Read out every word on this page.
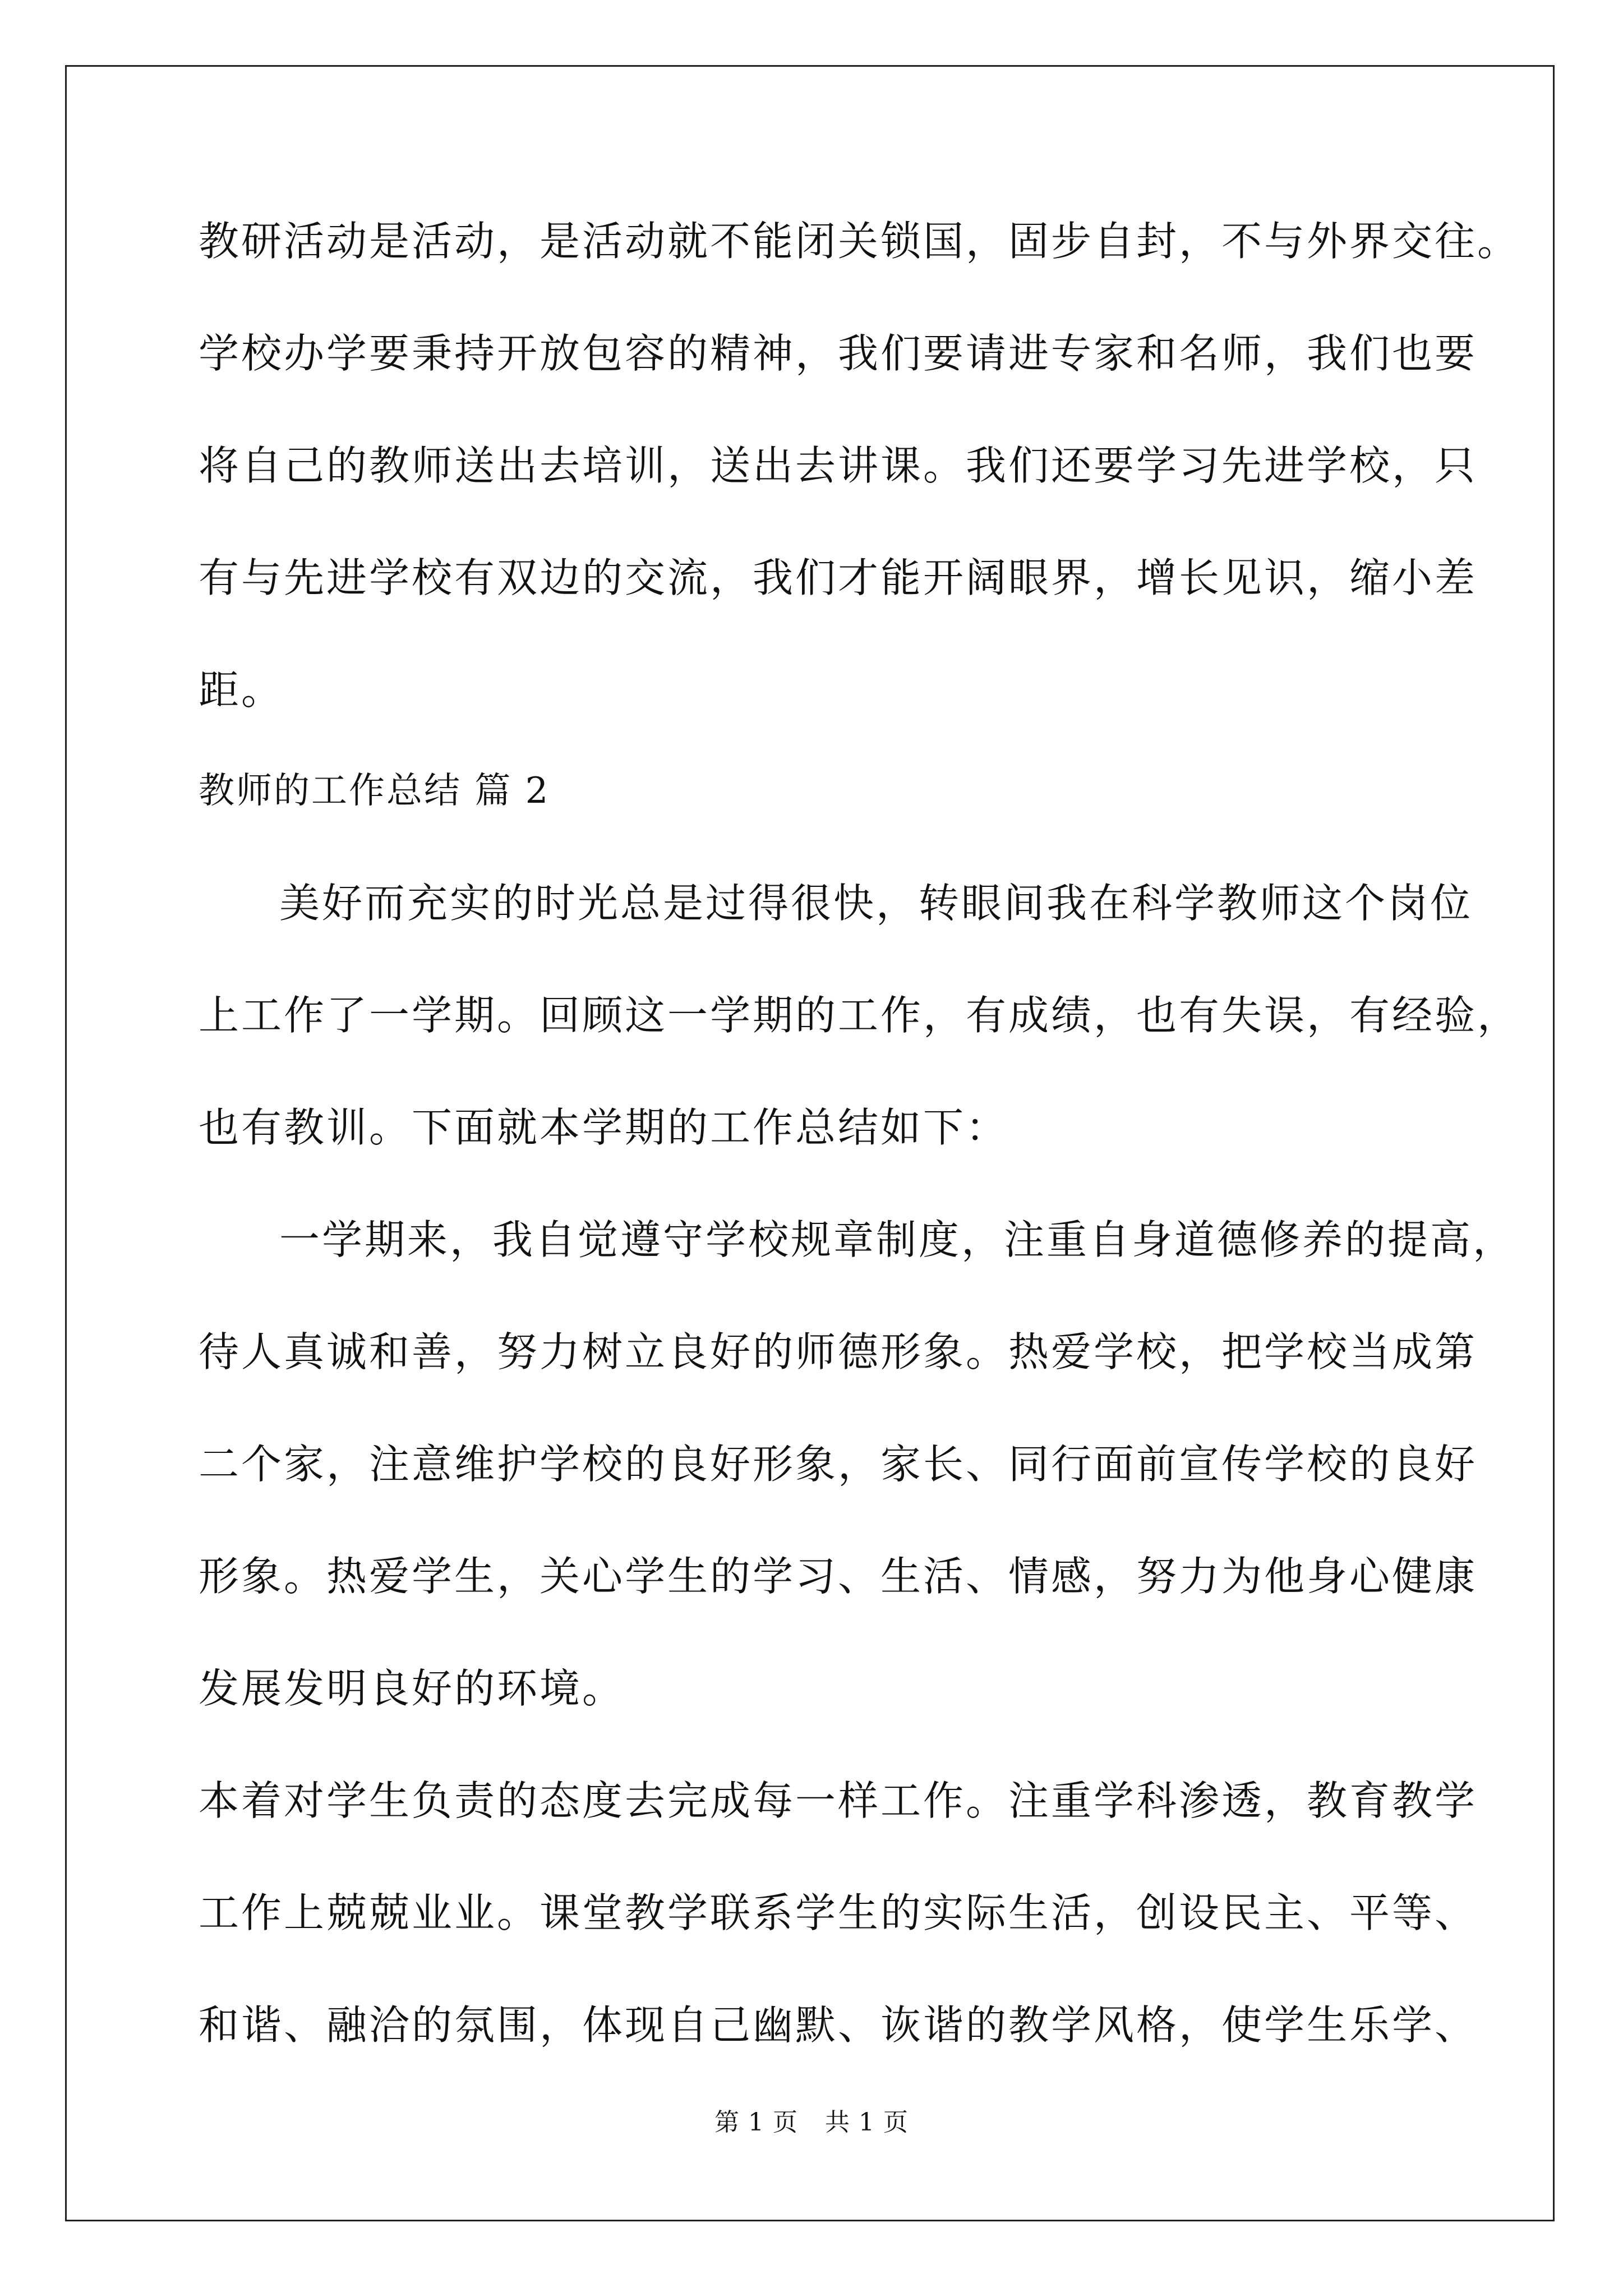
教研活动是活动，是活动就不能闭关锁国，固步自封，不与外界交往。
学校办学要秉持开放包容的精神，我们要请进专家和名师，我们也要
将自己的教师送出去培训，送出去讲课。我们还要学习先进学校，只
有与先进学校有双边的交流，我们才能开阔眼界，增长见识，缩小差
距。
教师的工作总结 篇 2
美好而充实的时光总是过得很快，转眼间我在科学教师这个岗位
上工作了一学期。回顾这一学期的工作，有成绩，也有失误，有经验，
也有教训。下面就本学期的工作总结如下：
一学期来，我自觉遵守学校规章制度，注重自身道德修养的提高，
待人真诚和善，努力树立良好的师德形象。热爱学校，把学校当成第
二个家，注意维护学校的良好形象，家长、同行面前宣传学校的良好
形象。热爱学生，关心学生的学习、生活、情感，努力为他身心健康
发展发明良好的环境。
本着对学生负责的态度去完成每一样工作。注重学科渗透，教育教学
工作上兢兢业业。课堂教学联系学生的实际生活，创设民主、平等、
和谐、融洽的氛围，体现自己幽默、诙谐的教学风格，使学生乐学、
第 1 页 共 1 页
